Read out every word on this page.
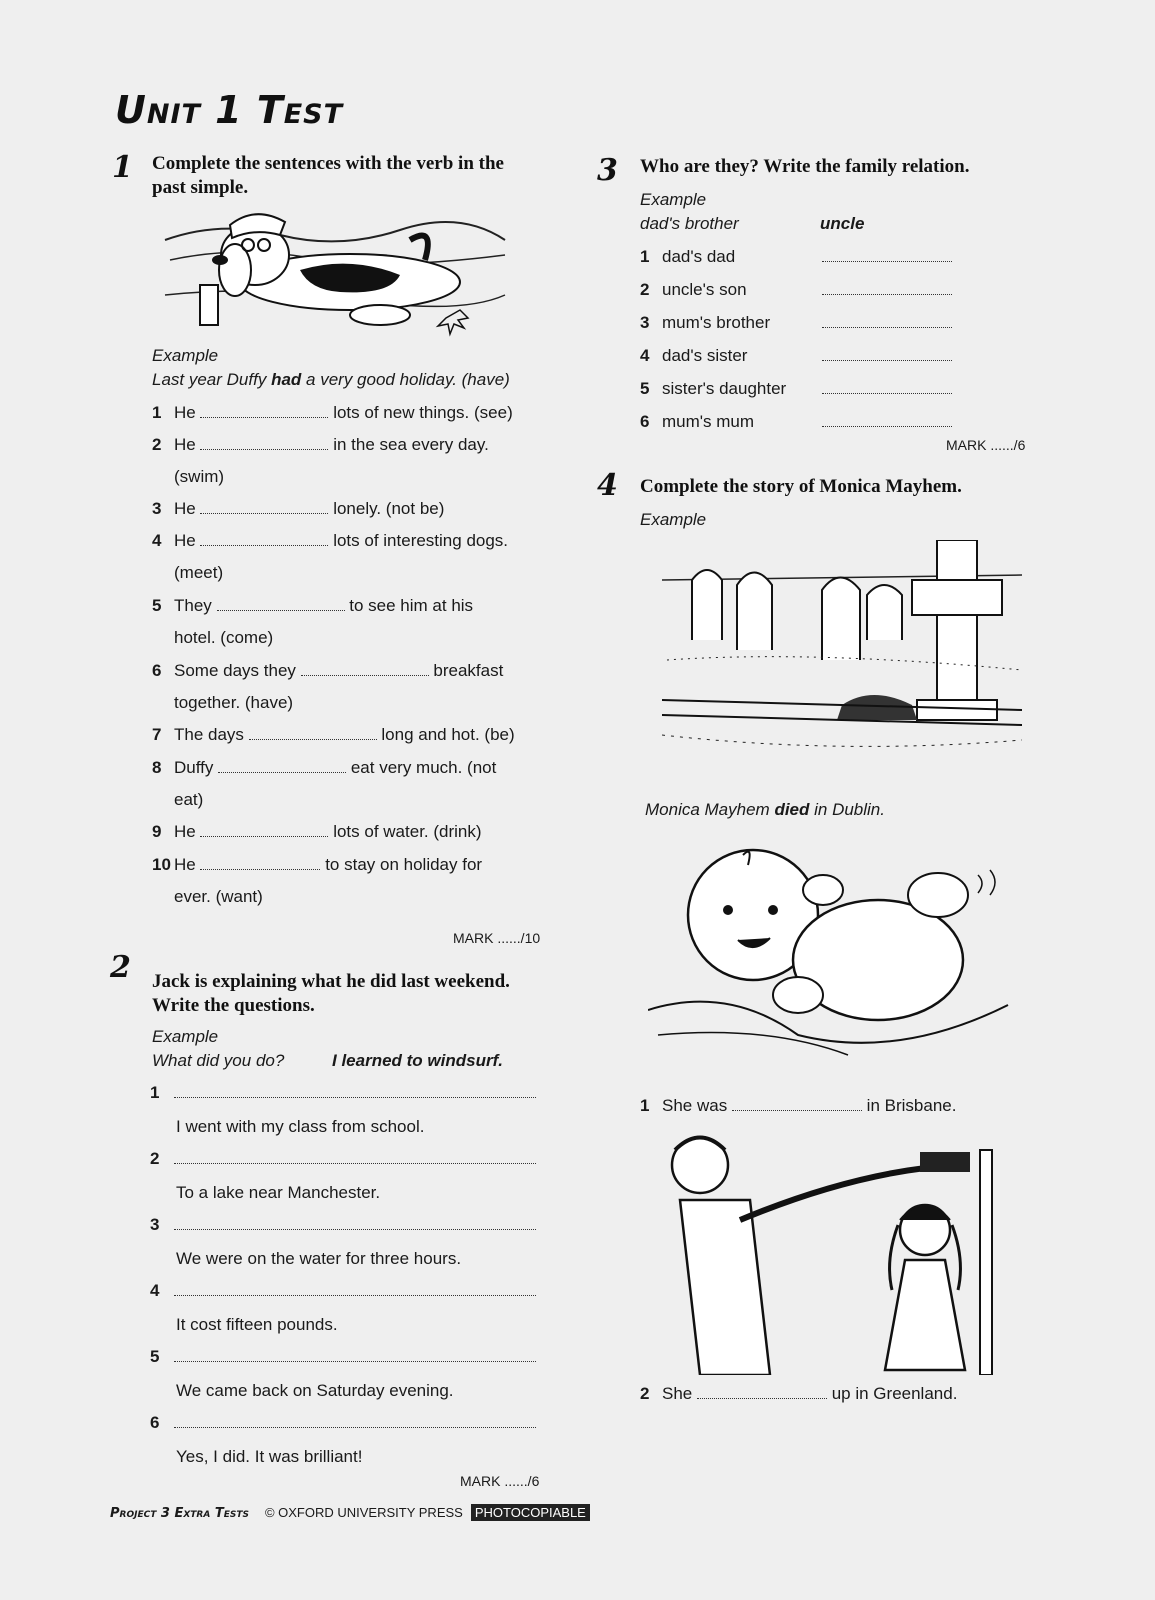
Unit 1 Test
1 Complete the sentences with the verb in the past simple.
Example
Last year Duffy had a very good holiday. (have)
1 He	lots of new things. (see)
2 He	in the sea every day.
(swim)
3 He	lonely. (not be)
4 He	lots of interesting dogs.
(meet)
5 They	to see him at his
hotel. (come)
6 Some days they	breakfast
together. (have)
7 The days	long and hot. (be)
8 Duffy	eat very much. (not
eat)
9 He	lots of water. (drink)
10 He	to stay on holiday for
ever. (want)
MARK ....../10
2 Jack is explaining what he did last weekend.
Write the questions.
Example
What did you do?	I learned to windsurf.
1
I went with my class from school.
2
To a lake near Manchester.
3
We were on the water for three hours.
4
It cost fifteen pounds.
5
We came back on Saturday evening.
6
Yes, I did. It was brilliant!
MARK ....../6
3 Who are they? Write the family relation.
Example
dad's brother	uncle
1 dad's dad
2 uncle's son
3 mum's brother
4 dad's sister
5 sister's daughter
6 mum's mum
MARK ....../6
4 Complete the story of Monica Mayhem.
Example
Monica Mayhem died in Dublin.
1 She was	in Brisbane.
2 She	up in Greenland.
Project 3 Extra Tests © OXFORD UNIVERSITY PRESS PHOTOCOPIABLE
